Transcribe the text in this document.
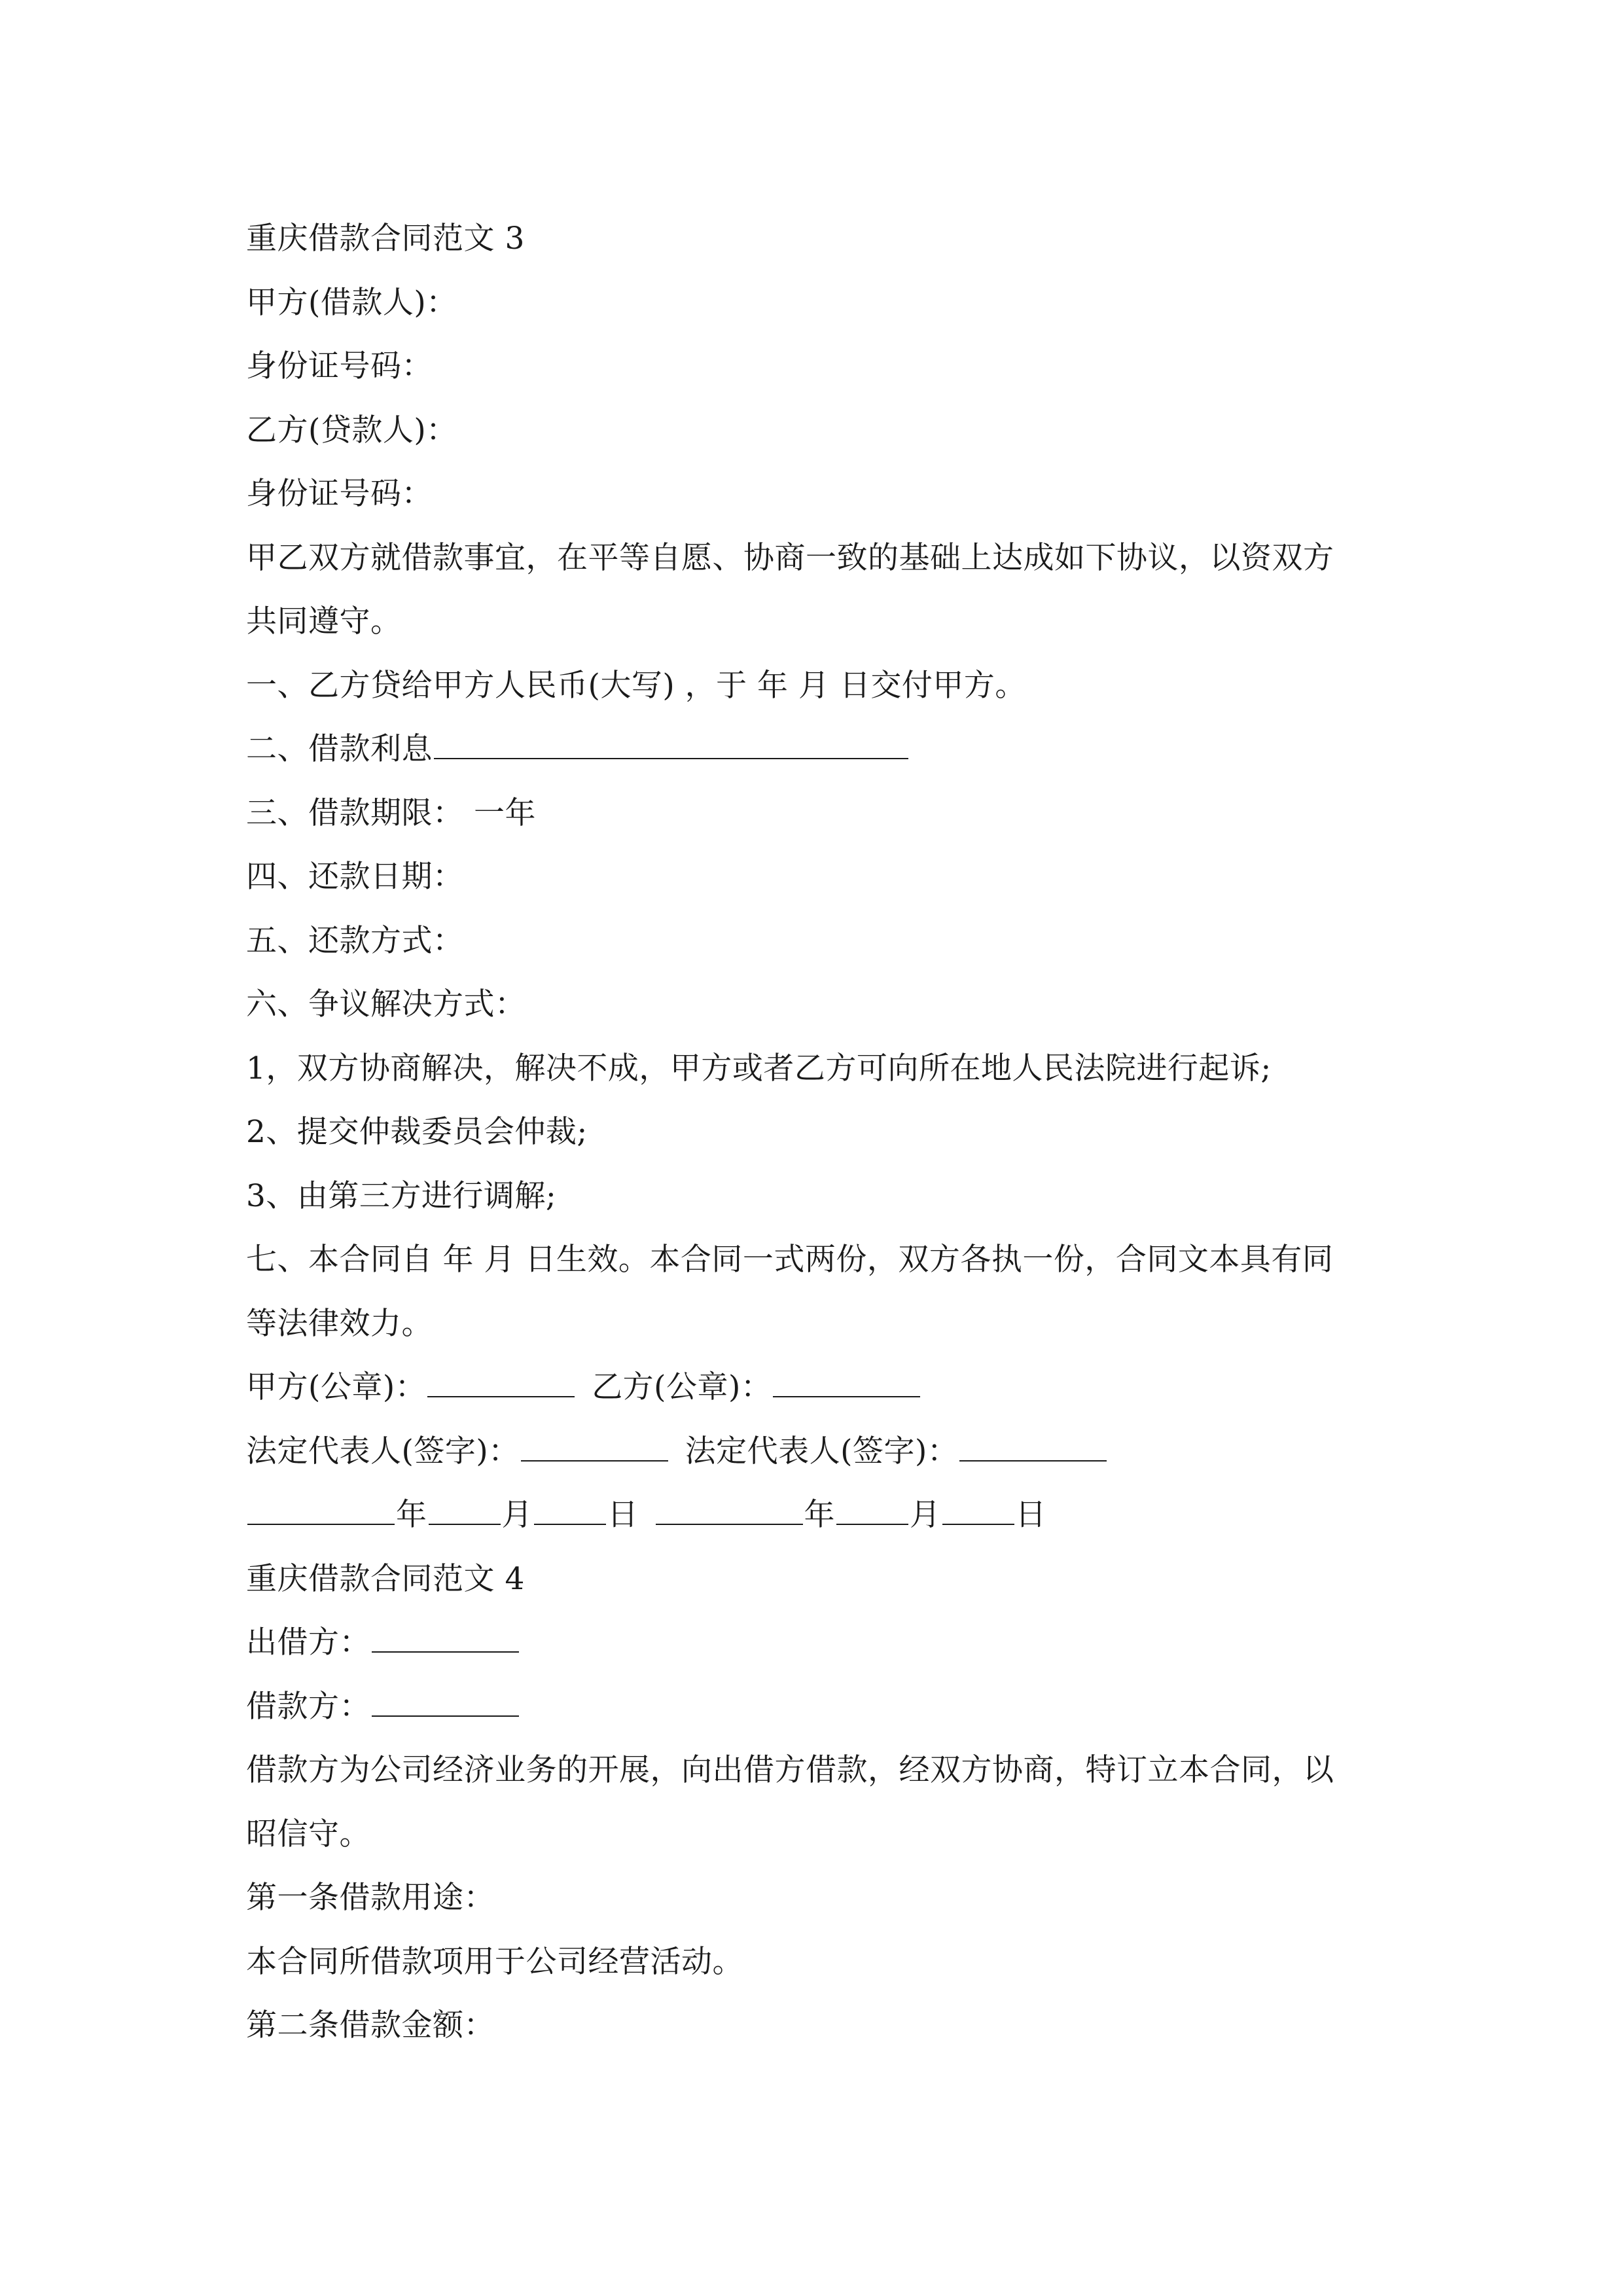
重庆借款合同范文 3
甲方(借款人)：
身份证号码：
乙方(贷款人)：
身份证号码：
甲乙双方就借款事宜，在平等自愿、协商一致的基础上达成如下协议，以资双方
共同遵守。
一、乙方贷给甲方人民币(大写) ，于 年 月 日交付甲方。
二、借款利息
三、借款期限： 一年
四、还款日期：
五、还款方式：
六、争议解决方式：
1，双方协商解决，解决不成，甲方或者乙方可向所在地人民法院进行起诉;
2、提交仲裁委员会仲裁;
3、由第三方进行调解;
七、本合同自 年 月 日生效。本合同一式两份，双方各执一份，合同文本具有同
等法律效力。
甲方(公章)：	乙方(公章)：
法定代表人(签字)：	法定代表人(签字)：
年 月 日	年 月 日
重庆借款合同范文 4
出借方：
借款方：
借款方为公司经济业务的开展，向出借方借款，经双方协商，特订立本合同，以
昭信守。
第一条借款用途：
本合同所借款项用于公司经营活动。
第二条借款金额：
